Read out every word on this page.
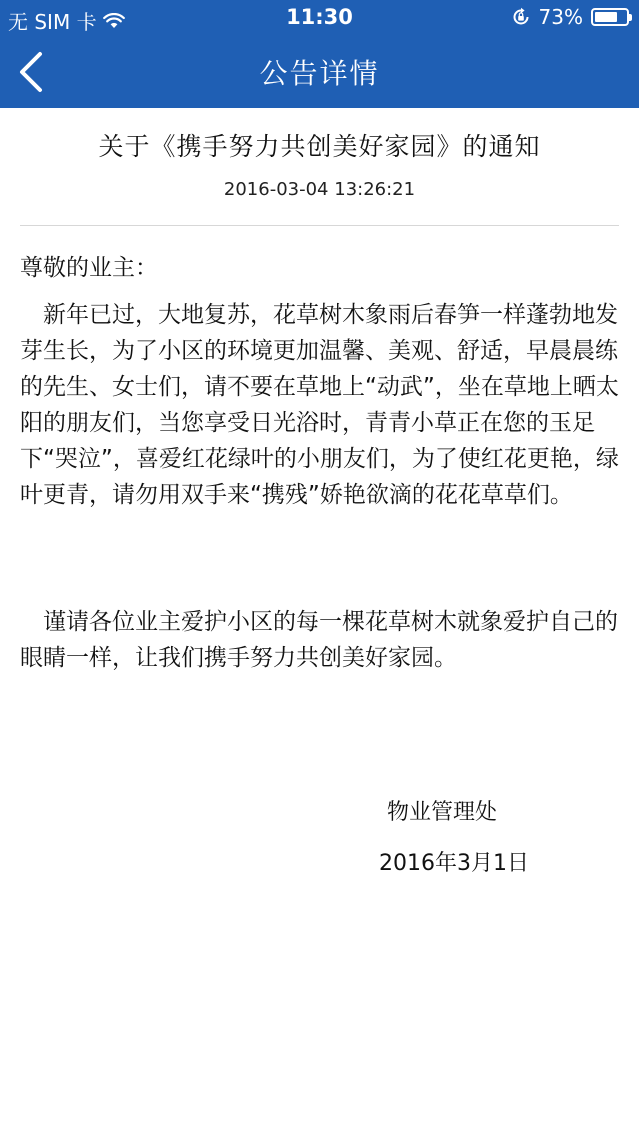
无 SIM 卡	11:30	73%
公告详情
关于《携手努力共创美好家园》的通知
2016-03-04 13:26:21
尊敬的业主：
新年已过，大地复苏，花草树木象雨后春笋一样蓬勃地发芽生长，为了小区的环境更加温馨、美观、舒适，早晨晨练的先生、女士们，请不要在草地上“动武”，坐在草地上晒太阳的朋友们，当您享受日光浴时，青青小草正在您的玉足下“哭泣”，喜爱红花绿叶的小朋友们，为了使红花更艳，绿叶更青，请勿用双手来“携残”娇艳欲滴的花花草草们。
谨请各位业主爱护小区的每一棵花草树木就象爱护自己的眼睛一样，让我们携手努力共创美好家园。
物业管理处
2016年3月1日
